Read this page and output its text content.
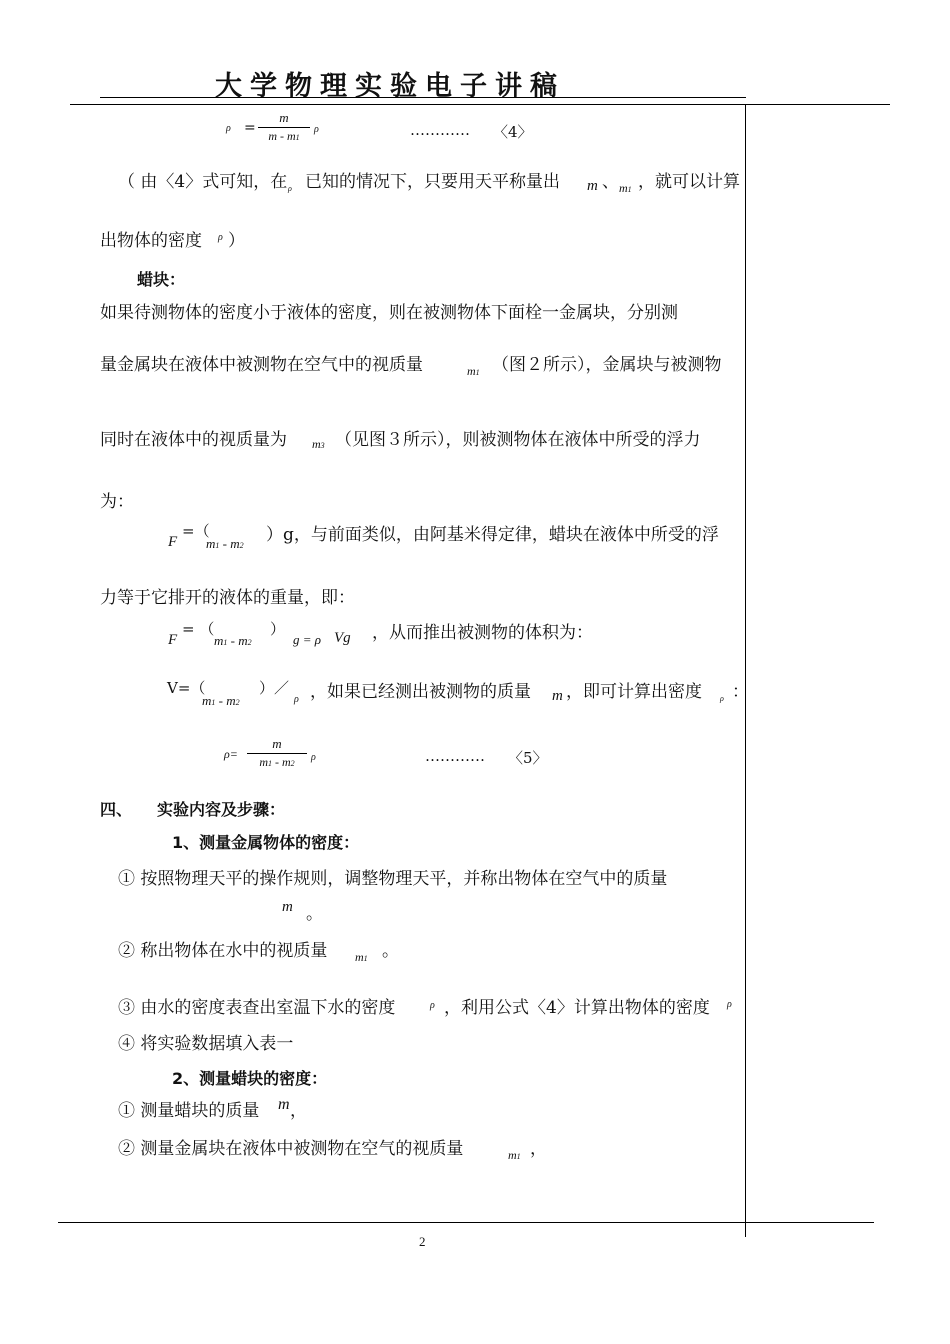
大学物理实验电子讲稿
ρ =
m
m - m1
ρ	………… 〈4〉
（ 由〈4〉式可知，在 ρ 已知的情况下，只要用天平称量出 m 、 m1 ，就可以计算
出物体的密度 ρ ）
蜡块：
如果待测物体的密度小于液体的密度，则在被测物体下面栓一金属块，分别测
量金属块在液体中被测物在空气中的视质量	m1 （图２所示），金属块与被测物
同时在液体中的视质量为 m3 （见图３所示），则被测物体在液体中所受的浮力
为：
F
=（
m1 - m2
）g，与前面类似，由阿基米得定律，蜡块在液体中所受的浮
力等于它排开的液体的重量，即：
F
= （
m1 - m2
）
g = ρ Vg ，从而推出被测物的体积为：
V=（
m1 - m2
）／
ρ ，如果已经测出被测物的质量 m ，即可计算出密度 ρ ：
ρ=
m
m1 - m2
ρ	………… 〈5〉
四、 实验内容及步骤：
1、测量金属物体的密度：
① 按照物理天平的操作规则，调整物理天平，并称出物体在空气中的质量
m 。
② 称出物体在水中的视质量 m1 。
③ 由水的密度表查出室温下水的密度	ρ ，利用公式〈4〉计算出物体的密度 ρ
④ 将实验数据填入表一
2、测量蜡块的密度：
① 测量蜡块的质量 m ，
② 测量金属块在液体中被测物在空气的视质量	m1 ，
2
